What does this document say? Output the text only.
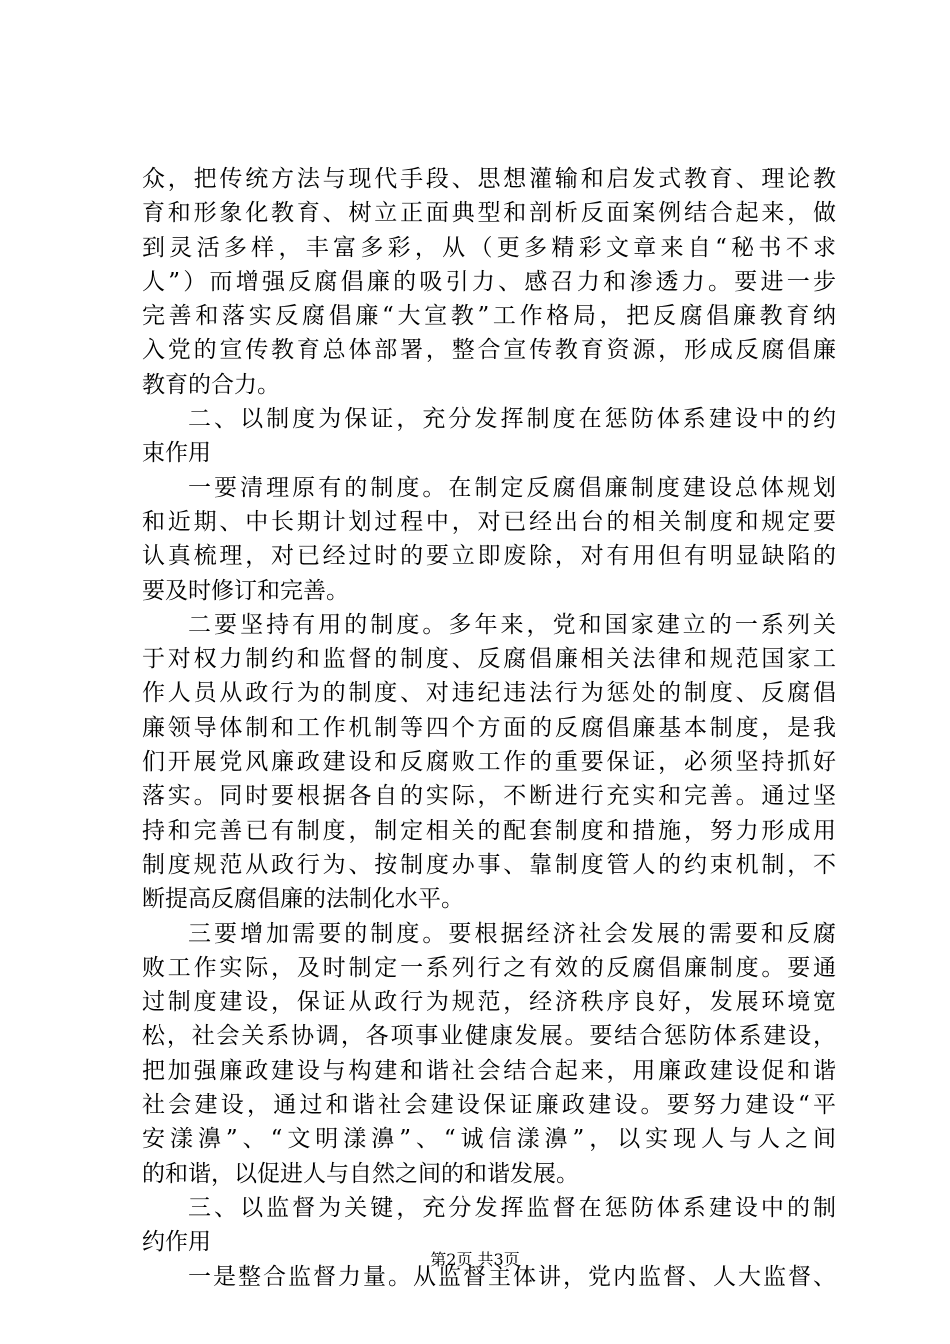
众，把传统方法与现代手段、思想灌输和启发式教育、理论教
育和形象化教育、树立正面典型和剖析反面案例结合起来，做
到灵活多样，丰富多彩，从（更多精彩文章来自“秘书不求
人”）而增强反腐倡廉的吸引力、感召力和渗透力。要进一步
完善和落实反腐倡廉“大宣教”工作格局，把反腐倡廉教育纳
入党的宣传教育总体部署，整合宣传教育资源，形成反腐倡廉
教育的合力。
二、以制度为保证，充分发挥制度在惩防体系建设中的约
束作用
一要清理原有的制度。在制定反腐倡廉制度建设总体规划
和近期、中长期计划过程中，对已经出台的相关制度和规定要
认真梳理，对已经过时的要立即废除，对有用但有明显缺陷的
要及时修订和完善。
二要坚持有用的制度。多年来，党和国家建立的一系列关
于对权力制约和监督的制度、反腐倡廉相关法律和规范国家工
作人员从政行为的制度、对违纪违法行为惩处的制度、反腐倡
廉领导体制和工作机制等四个方面的反腐倡廉基本制度，是我
们开展党风廉政建设和反腐败工作的重要保证，必须坚持抓好
落实。同时要根据各自的实际，不断进行充实和完善。通过坚
持和完善已有制度，制定相关的配套制度和措施，努力形成用
制度规范从政行为、按制度办事、靠制度管人的约束机制，不
断提高反腐倡廉的法制化水平。
三要增加需要的制度。要根据经济社会发展的需要和反腐
败工作实际，及时制定一系列行之有效的反腐倡廉制度。要通
过制度建设，保证从政行为规范，经济秩序良好，发展环境宽
松，社会关系协调，各项事业健康发展。要结合惩防体系建设，
把加强廉政建设与构建和谐社会结合起来，用廉政建设促和谐
社会建设，通过和谐社会建设保证廉政建设。要努力建设“平
安漾濞”、“文明漾濞”、“诚信漾濞”，以实现人与人之间
的和谐，以促进人与自然之间的和谐发展。
三、以监督为关键，充分发挥监督在惩防体系建设中的制
约作用
一是整合监督力量。从监督主体讲，党内监督、人大监督、
第2页 共3页
